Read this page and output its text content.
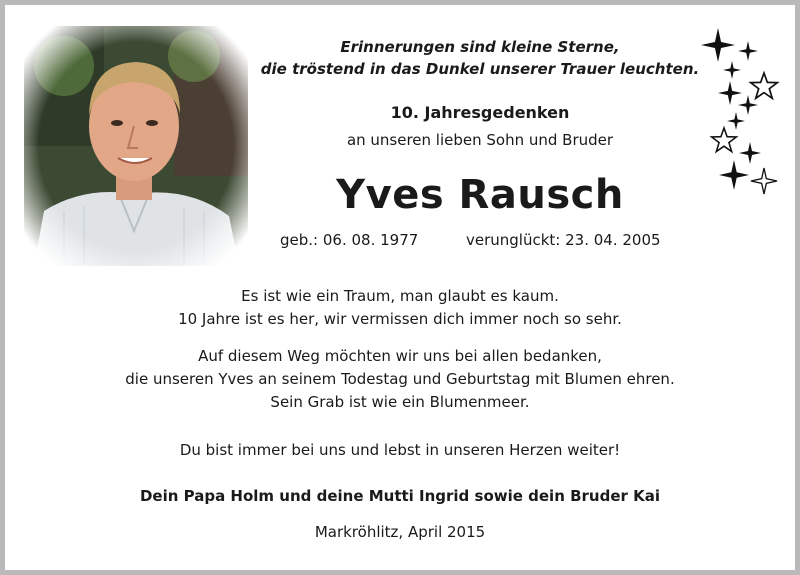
Erinnerungen sind kleine Sterne,
die tröstend in das Dunkel unserer Trauer leuchten.
10. Jahresgedenken
an unseren lieben Sohn und Bruder
Yves Rausch
geb.: 06. 08. 1977	verunglückt: 23. 04. 2005
Es ist wie ein Traum, man glaubt es kaum.
10 Jahre ist es her, wir vermissen dich immer noch so sehr.
Auf diesem Weg möchten wir uns bei allen bedanken,
die unseren Yves an seinem Todestag und Geburtstag mit Blumen ehren.
Sein Grab ist wie ein Blumenmeer.
Du bist immer bei uns und lebst in unseren Herzen weiter!
Dein Papa Holm und deine Mutti Ingrid sowie dein Bruder Kai
Markröhlitz, April 2015
